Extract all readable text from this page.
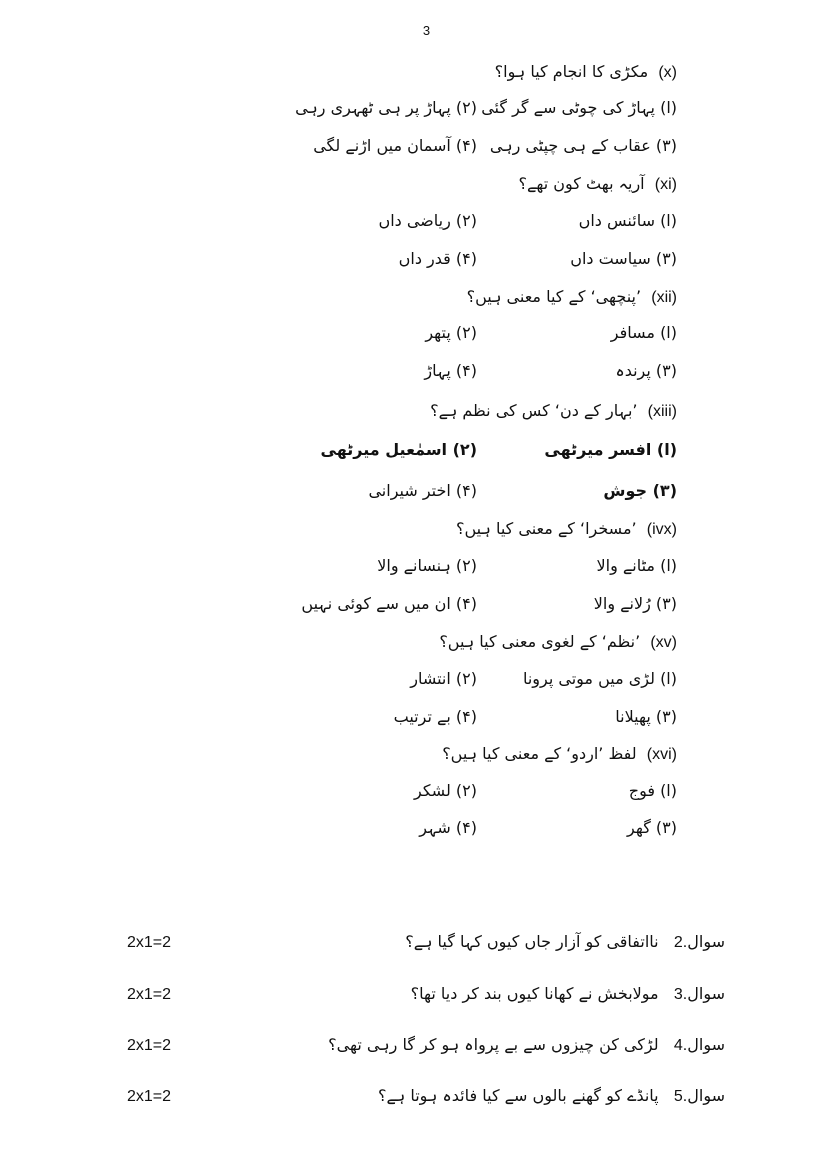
3
(x)  مکڑی کا انجام کیا ہوا؟
(ا) پہاڑ کی چوٹی سے گر گئی
(۲) پہاڑ پر ہی ٹھہری رہی
(۳) عقاب کے ہی چپٹی رہی
(۴) آسمان میں اڑنے لگی
(xi)  آریہ بھٹ کون تھے؟
(ا) سائنس داں
(۲) ریاضی داں
(۳) سیاست داں
(۴) قدر داں
(xii)  ’پنچھی‘ کے کیا معنی ہیں؟
(ا) مسافر
(۲) پتھر
(۳) پرندہ
(۴) پہاڑ
(xiii)  ’بہار کے دن‘ کس کی نظم ہے؟
(ا) افسر میرٹھی
(۲) اسمٰعیل میرٹھی
(۳) جوش
(۴) اختر شیرانی
(ivx)  ’مسخرا‘ کے معنی کیا ہیں؟
(ا) مٹانے والا
(۲) ہنسانے والا
(۳) رُلانے والا
(۴) ان میں سے کوئی نہیں
(xv)  ’نظم‘ کے لغوی معنی کیا ہیں؟
(ا) لڑی میں موتی پرونا
(۲) انتشار
(۳) پھیلانا
(۴) بے ترتیب
(xvi)  لفظ ’اردو‘ کے معنی کیا ہیں؟
(ا) فوج
(۲) لشکر
(۳) گھر
(۴) شہر
سوال.2   نااتفاقی کو آزار جاں کیوں کہا گیا ہے؟
2x1=2
سوال.3   مولابخش نے کھانا کیوں بند کر دیا تھا؟
2x1=2
سوال.4   لڑکی کن چیزوں سے بے پرواہ ہو کر گا رہی تھی؟
2x1=2
سوال.5   پانڈے کو گھنے بالوں سے کیا فائدہ ہوتا ہے؟
2x1=2
